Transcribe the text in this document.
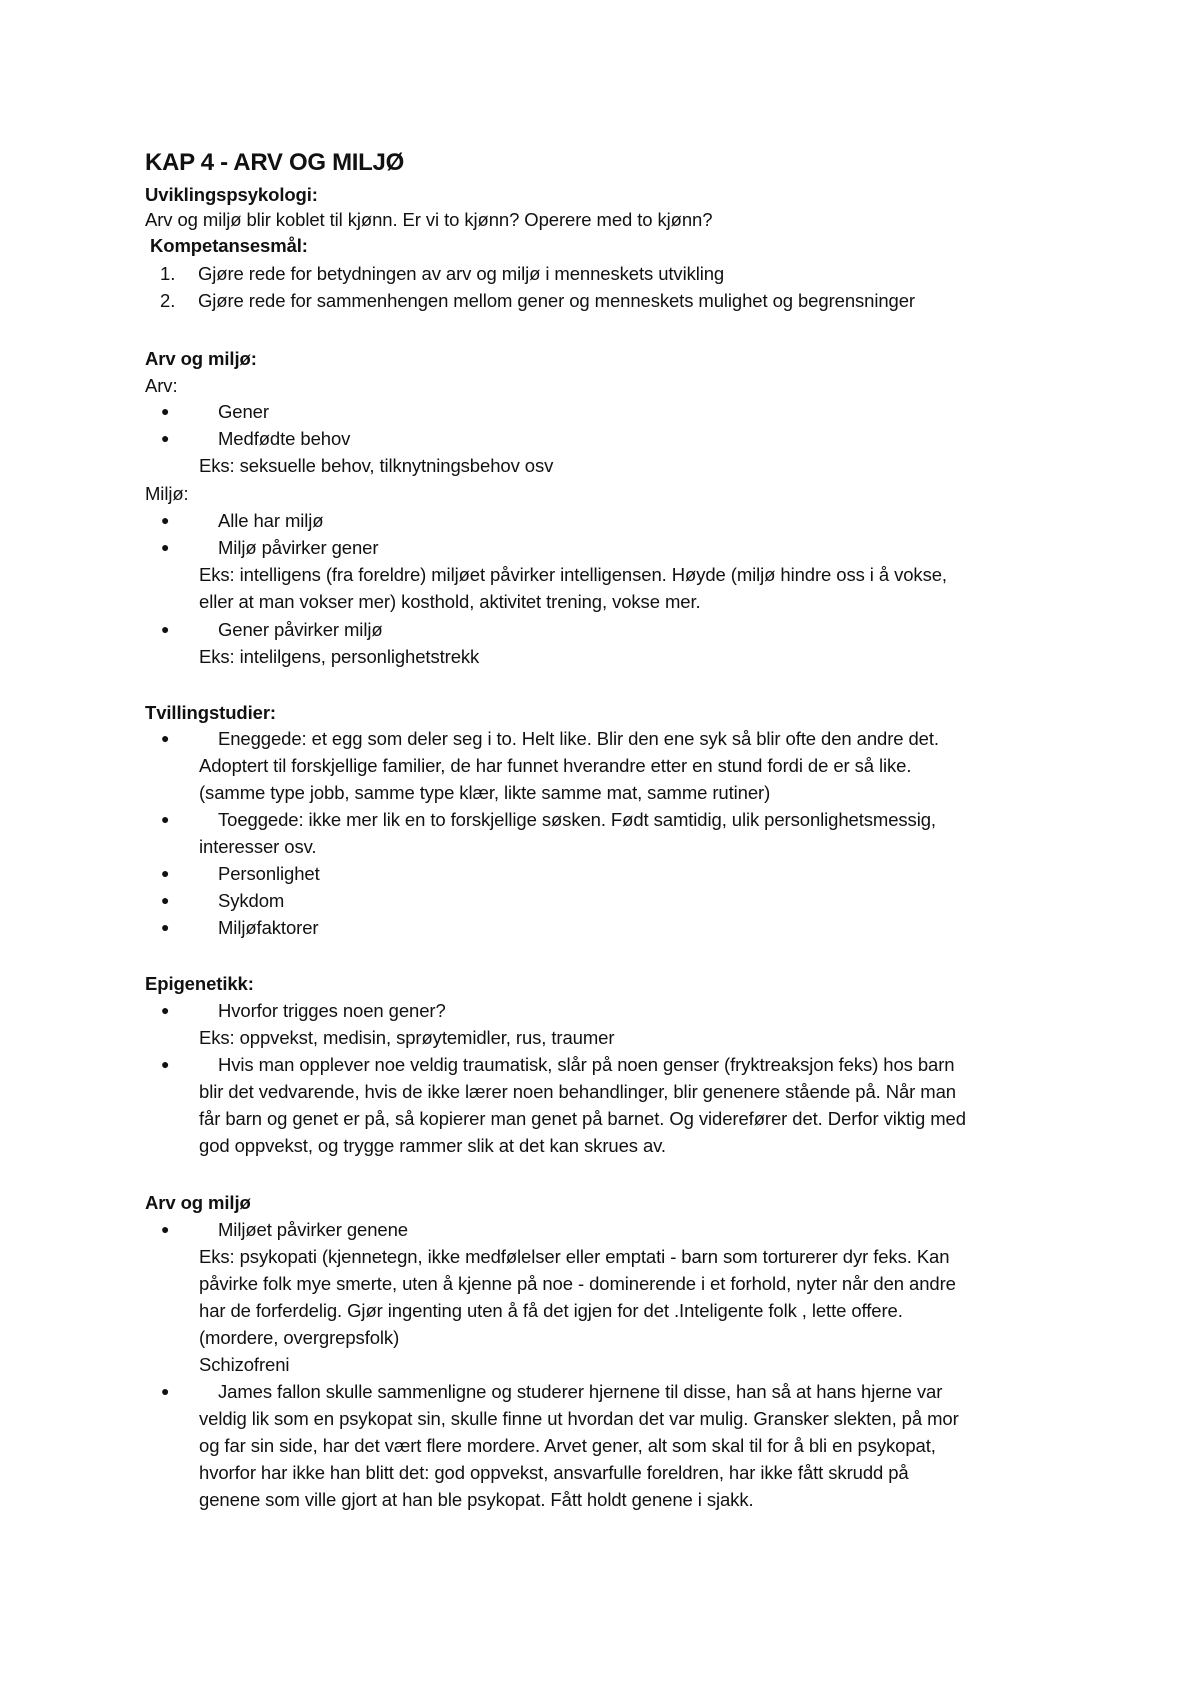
KAP 4 - ARV OG MILJØ
Uviklingspsykologi:
Arv og miljø blir koblet til kjønn. Er vi to kjønn? Operere med to kjønn?
Kompetansesmål:
1. Gjøre rede for betydningen av arv og miljø i menneskets utvikling
2. Gjøre rede for sammenhengen mellom gener og menneskets mulighet og begrensninger
Arv og miljø:
Arv:
●	Gener
●	Medfødte behov
Eks: seksuelle behov, tilknytningsbehov osv
Miljø:
●	Alle har miljø
●	Miljø påvirker gener
Eks: intelligens (fra foreldre) miljøet påvirker intelligensen. Høyde (miljø hindre oss i å vokse,
eller at man vokser mer) kosthold, aktivitet trening, vokse mer.
●	Gener påvirker miljø
Eks: intelilgens, personlighetstrekk
Tvillingstudier:
●	Eneggede: et egg som deler seg i to. Helt like. Blir den ene syk så blir ofte den andre det.
Adoptert til forskjellige familier, de har funnet hverandre etter en stund fordi de er så like.
(samme type jobb, samme type klær, likte samme mat, samme rutiner)
●	Toeggede: ikke mer lik en to forskjellige søsken. Født samtidig, ulik personlighetsmessig,
interesser osv.
●	Personlighet
●	Sykdom
●	Miljøfaktorer
Epigenetikk:
●	Hvorfor trigges noen gener?
Eks: oppvekst, medisin, sprøytemidler, rus, traumer
●	Hvis man opplever noe veldig traumatisk, slår på noen genser (fryktreaksjon feks) hos barn
blir det vedvarende, hvis de ikke lærer noen behandlinger, blir genenere stående på. Når man
får barn og genet er på, så kopierer man genet på barnet. Og viderefører det. Derfor viktig med
god oppvekst, og trygge rammer slik at det kan skrues av.
Arv og miljø
●	Miljøet påvirker genene
Eks: psykopati (kjennetegn, ikke medfølelser eller emptati - barn som torturerer dyr feks. Kan
påvirke folk mye smerte, uten å kjenne på noe - dominerende i et forhold, nyter når den andre
har de forferdelig. Gjør ingenting uten å få det igjen for det .Inteligente folk , lette offere.
(mordere, overgrepsfolk)
Schizofreni
●	James fallon skulle sammenligne og studerer hjernene til disse, han så at hans hjerne var
veldig lik som en psykopat sin, skulle finne ut hvordan det var mulig. Gransker slekten, på mor
og far sin side, har det vært flere mordere. Arvet gener, alt som skal til for å bli en psykopat,
hvorfor har ikke han blitt det: god oppvekst, ansvarfulle foreldren, har ikke fått skrudd på
genene som ville gjort at han ble psykopat. Fått holdt genene i sjakk.
